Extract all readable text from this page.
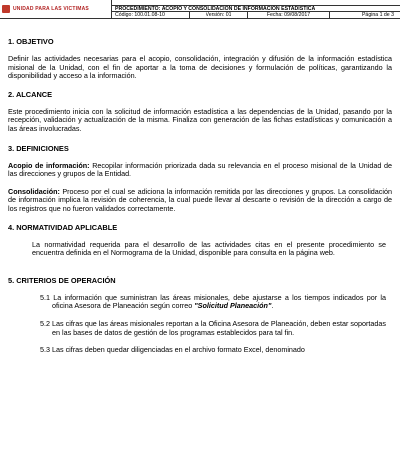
UNIDAD PARA LAS VÍCTIMAS	PROCEDIMIENTO: ACOPIO Y CONSOLIDACIÓN DE INFORMACIÓN ESTADÍSTICA
Código: 100.01.08-10	Versión: 01	Fecha: 09/08/2017	Página 1 de 3

1. OBJETIVO

Definir las actividades necesarias para el acopio, consolidación, integración y difusión de la información estadística misional de la Unidad, con el fin de aportar a la toma de decisiones y formulación de políticas, garantizando la disponibilidad y acceso a la información.

2. ALCANCE

Este procedimiento inicia con la solicitud de información estadística a las dependencias de la Unidad, pasando por la recepción, validación y actualización de la misma. Finaliza con generación de las fichas estadísticas y comunicación a las áreas involucradas.

3. DEFINICIONES

Acopio de información: Recopilar información priorizada dada su relevancia en el proceso misional de la Unidad de las direcciones y grupos de la Entidad.

Consolidación: Proceso por el cual se adiciona la información remitida por las direcciones y grupos. La consolidación de información implica la revisión de coherencia, la cual puede llevar al descarte o revisión de la dirección a cargo de los registros que no fueron validados correctamente.

4. NORMATIVIDAD APLICABLE

La normatividad requerida para el desarrollo de las actividades citas en el presente procedimiento se encuentra definida en el Normograma de la Unidad, disponible para consulta en la página web.

5. CRITERIOS DE OPERACIÓN

5.1 La información que suministran las áreas misionales, debe ajustarse a los tiempos indicados por la oficina Asesora de Planeación según correo "Solicitud Planeación".

5.2 Las cifras que las áreas misionales reportan a la Oficina Asesora de Planeación, deben estar soportadas en las bases de datos de gestión de los programas establecidos para tal fin.

5.3 Las cifras deben quedar diligenciadas en el archivo formato Excel, denominado
